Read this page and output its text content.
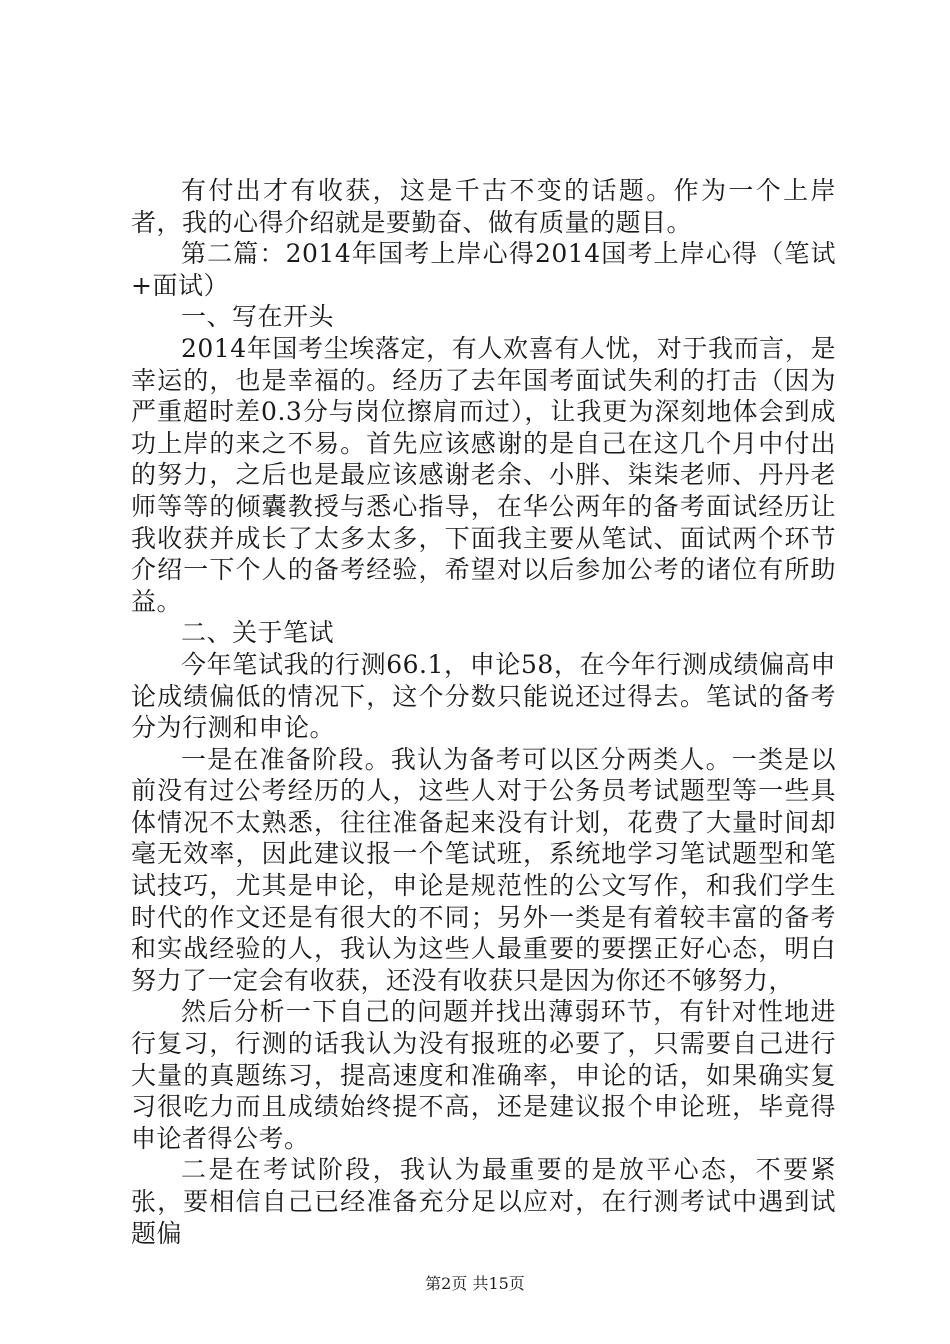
有付出才有收获，这是千古不变的话题。作为一个上岸者，我的心得介绍就是要勤奋、做有质量的题目。

第二篇：2014年国考上岸心得2014国考上岸心得（笔试+面试）

一、写在开头

2014年国考尘埃落定，有人欢喜有人忧，对于我而言，是幸运的，也是幸福的。经历了去年国考面试失利的打击（因为严重超时差0.3分与岗位擦肩而过），让我更为深刻地体会到成功上岸的来之不易。首先应该感谢的是自己在这几个月中付出的努力，之后也是最应该感谢老余、小胖、柒柒老师、丹丹老师等等的倾囊教授与悉心指导，在华公两年的备考面试经历让我收获并成长了太多太多，下面我主要从笔试、面试两个环节介绍一下个人的备考经验，希望对以后参加公考的诸位有所助益。

二、关于笔试

今年笔试我的行测66.1，申论58，在今年行测成绩偏高申论成绩偏低的情况下，这个分数只能说还过得去。笔试的备考分为行测和申论。

一是在准备阶段。我认为备考可以区分两类人。一类是以前没有过公考经历的人，这些人对于公务员考试题型等一些具体情况不太熟悉，往往准备起来没有计划，花费了大量时间却毫无效率，因此建议报一个笔试班，系统地学习笔试题型和笔试技巧，尤其是申论，申论是规范性的公文写作，和我们学生时代的作文还是有很大的不同；另外一类是有着较丰富的备考和实战经验的人，我认为这些人最重要的要摆正好心态，明白努力了一定会有收获，还没有收获只是因为你还不够努力，

然后分析一下自己的问题并找出薄弱环节，有针对性地进行复习，行测的话我认为没有报班的必要了，只需要自己进行大量的真题练习，提高速度和准确率，申论的话，如果确实复习很吃力而且成绩始终提不高，还是建议报个申论班，毕竟得申论者得公考。

二是在考试阶段，我认为最重要的是放平心态，不要紧张，要相信自己已经准备充分足以应对，在行测考试中遇到试题偏

第2页 共15页
